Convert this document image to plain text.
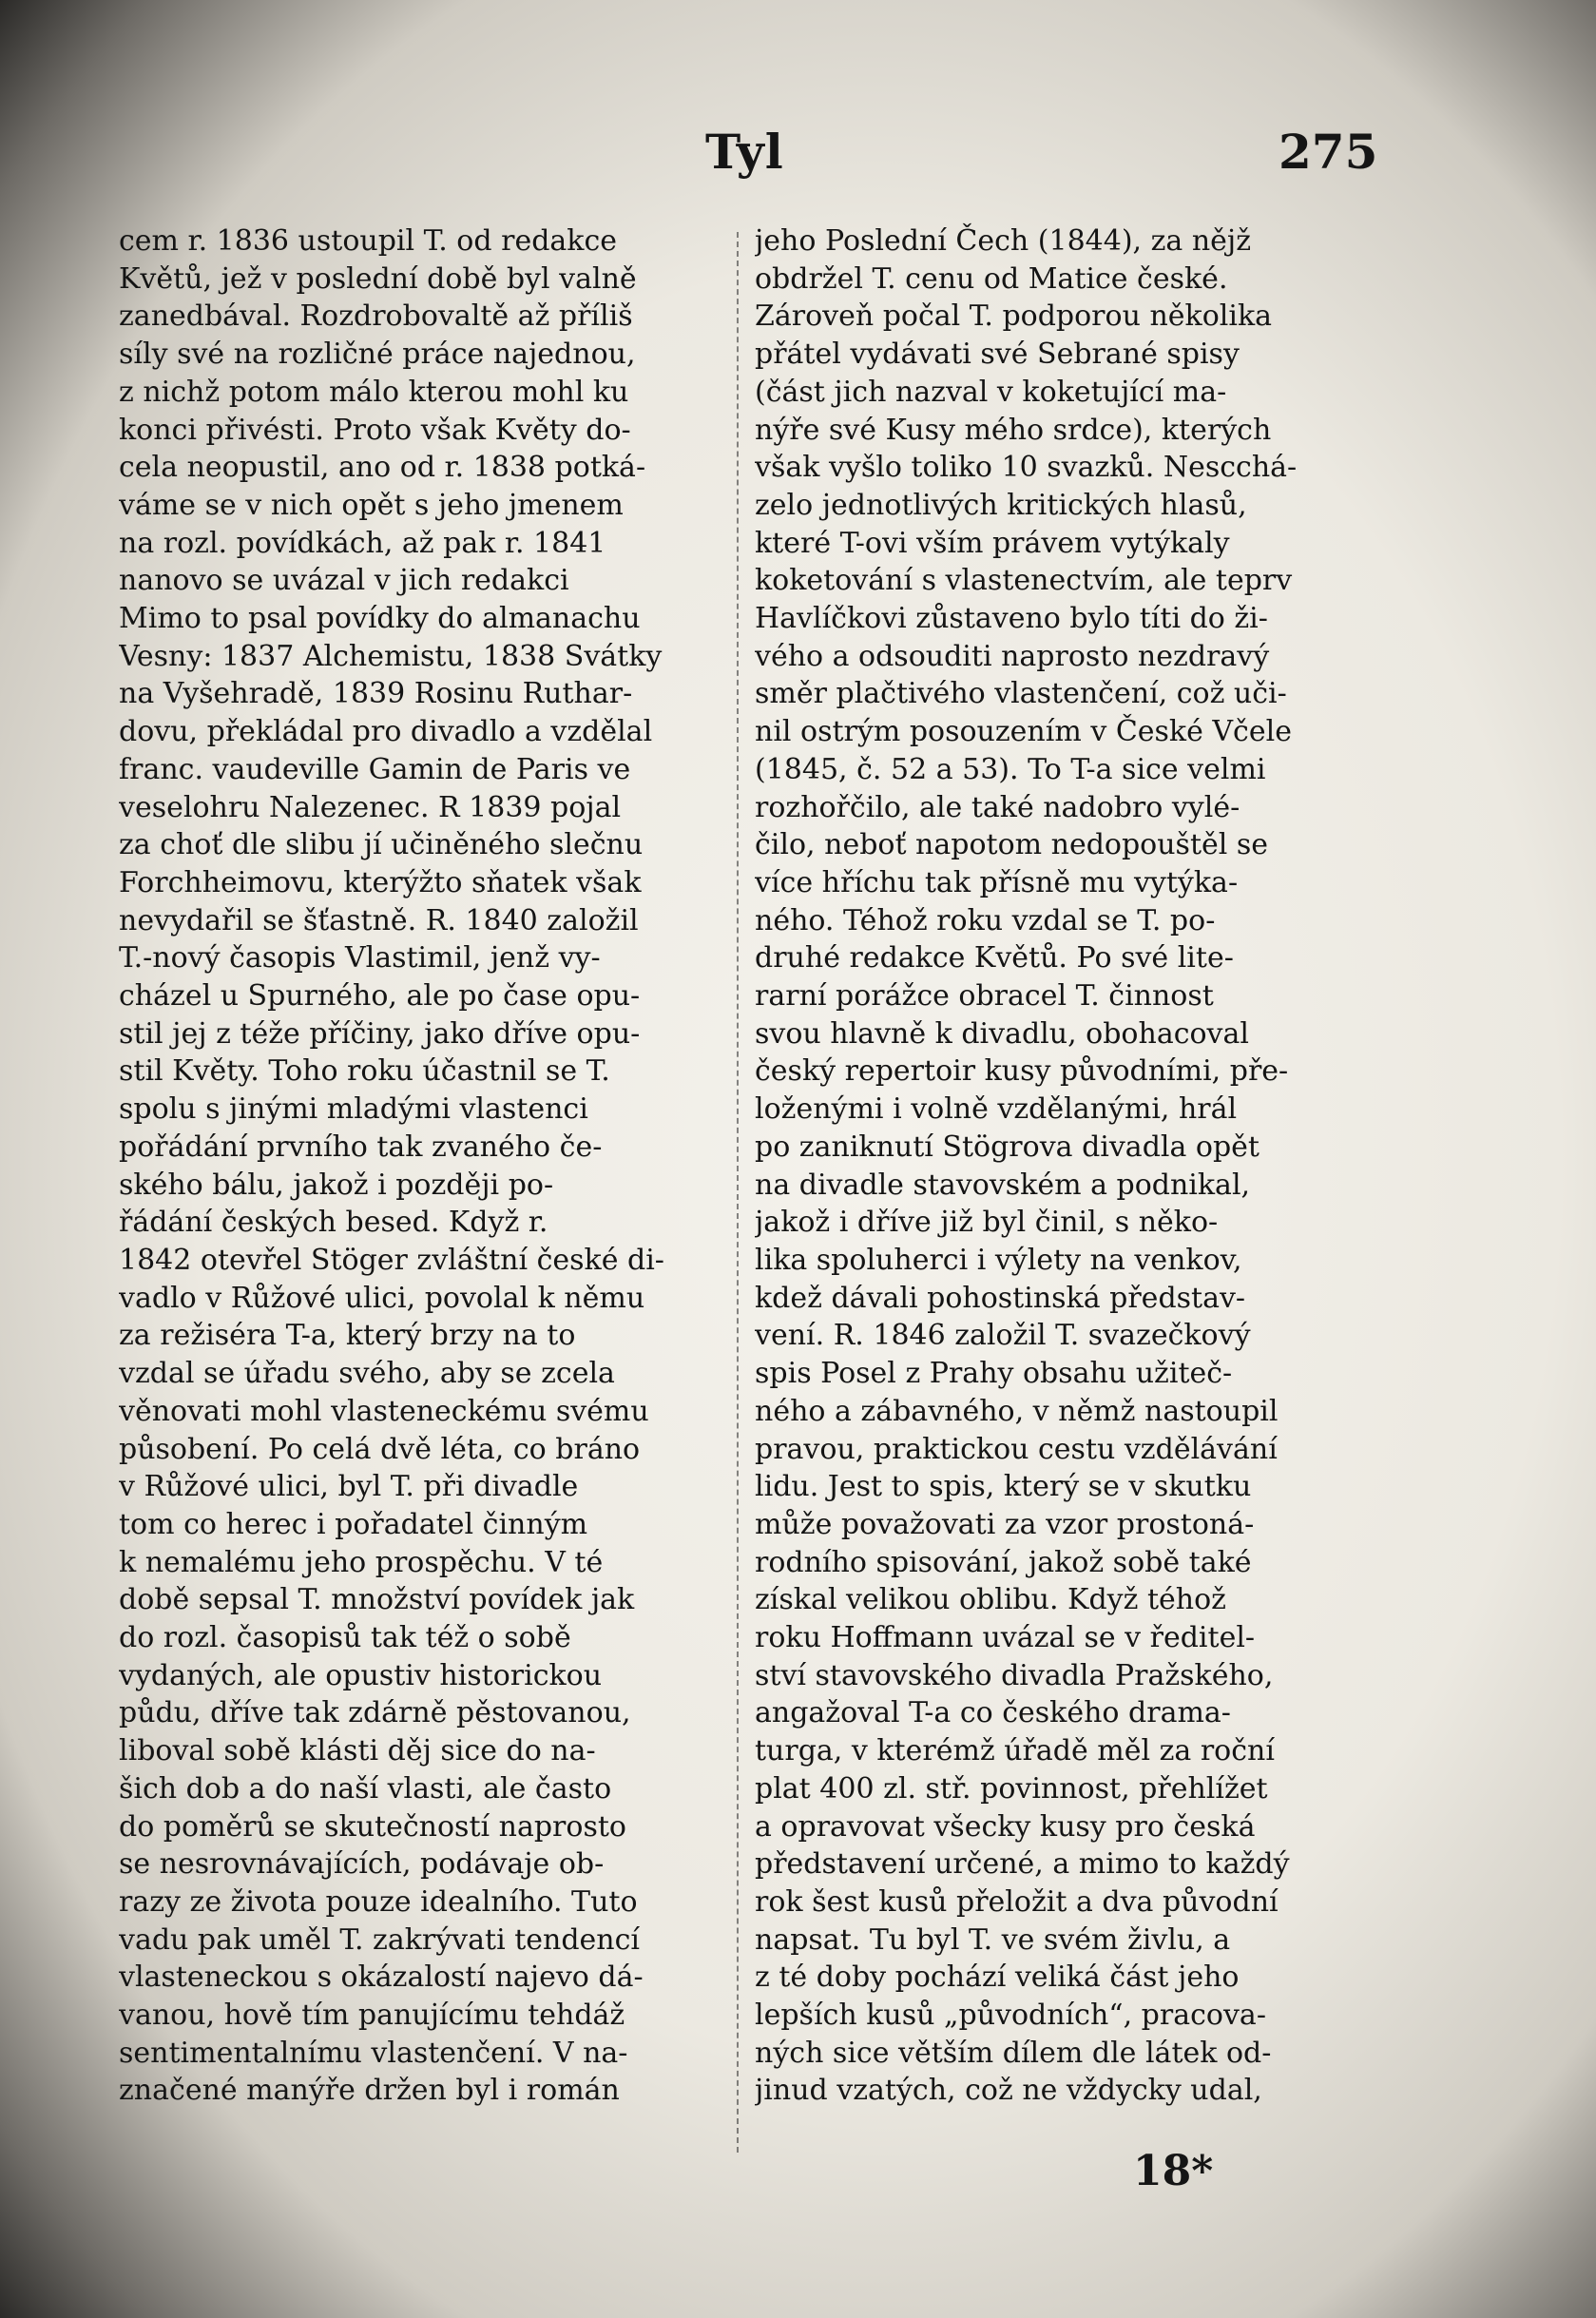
Tyl	275
cem r. 1836 ustoupil T. od redakce
Květů, jež v poslední době byl valně
zanedbával. Rozdrobovaltě až příliš
síly své na rozličné práce najednou,
z nichž potom málo kterou mohl ku
konci přivésti. Proto však Květy do-
cela neopustil, ano od r. 1838 potká-
váme se v nich opět s jeho jmenem
na rozl. povídkách, až pak r. 1841
nanovo se uvázal v jich redakci
Mimo to psal povídky do almanachu
Vesny: 1837 Alchemistu, 1838 Svátky
na Vyšehradě, 1839 Rosinu Ruthar-
dovu, překládal pro divadlo a vzdělal
franc. vaudeville Gamin de Paris ve
veselohru Nalezenec. R 1839 pojal
za choť dle slibu jí učiněného slečnu
Forchheimovu, kterýžto sňatek však
nevydařil se šťastně. R. 1840 založil
T.-nový časopis Vlastimil, jenž vy-
cházel u Spurného, ale po čase opu-
stil jej z téže příčiny, jako dříve opu-
stil Květy. Toho roku účastnil se T.
spolu s jinými mladými vlastenci
pořádání prvního tak zvaného če-
ského bálu, jakož i později po-
řádání českých besed. Když r.
1842 otevřel Stöger zvláštní české di-
vadlo v Růžové ulici, povolal k němu
za režiséra T-a, který brzy na to
vzdal se úřadu svého, aby se zcela
věnovati mohl vlasteneckému svému
působení. Po celá dvě léta, co bráno
v Růžové ulici, byl T. při divadle
tom co herec i pořadatel činným
k nemalému jeho prospěchu. V té
době sepsal T. množství povídek jak
do rozl. časopisů tak též o sobě
vydaných, ale opustiv historickou
půdu, dříve tak zdárně pěstovanou,
liboval sobě klásti děj sice do na-
šich dob a do naší vlasti, ale často
do poměrů se skutečností naprosto
se nesrovnávajících, podávaje ob-
razy ze života pouze idealního. Tuto
vadu pak uměl T. zakrývati tendencí
vlasteneckou s okázalostí najevo dá-
vanou, hově tím panujícímu tehdáž
sentimentalnímu vlastenčení. V na-
značené manýře držen byl i román
jeho Poslední Čech (1844), za nějž
obdržel T. cenu od Matice české.
Zároveň počal T. podporou několika
přátel vydávati své Sebrané spisy
(část jich nazval v koketující ma-
nýře své Kusy mého srdce), kterých
však vyšlo toliko 10 svazků. Nescchá-
zelo jednotlivých kritických hlasů,
které T-ovi vším právem vytýkaly
koketování s vlastenectvím, ale teprv
Havlíčkovi zůstaveno bylo títi do ži-
vého a odsouditi naprosto nezdravý
směr plačtivého vlastenčení, což uči-
nil ostrým posouzením v České Včele
(1845, č. 52 a 53). To T-a sice velmi
rozhořčilo, ale také nadobro vylé-
čilo, neboť napotom nedopouštěl se
více hříchu tak přísně mu vytýka-
ného. Téhož roku vzdal se T. po-
druhé redakce Květů. Po své lite-
rarní porážce obracel T. činnost
svou hlavně k divadlu, obohacoval
český repertoir kusy původními, pře-
loženými i volně vzdělanými, hrál
po zaniknutí Stögrova divadla opět
na divadle stavovském a podnikal,
jakož i dříve již byl činil, s něko-
lika spoluherci i výlety na venkov,
kdež dávali pohostinská představ-
vení. R. 1846 založil T. svazečkový
spis Posel z Prahy obsahu užiteč-
ného a zábavného, v němž nastoupil
pravou, praktickou cestu vzdělávání
lidu. Jest to spis, který se v skutku
může považovati za vzor prostoná-
rodního spisování, jakož sobě také
získal velikou oblibu. Když téhož
roku Hoffmann uvázal se v ředitel-
ství stavovského divadla Pražského,
angažoval T-a co českého drama-
turga, v kterémž úřadě měl za roční
plat 400 zl. stř. povinnost, přehlížet
a opravovat všecky kusy pro česká
představení určené, a mimo to každý
rok šest kusů přeložit a dva původní
napsat. Tu byl T. ve svém živlu, a
z té doby pochází veliká část jeho
lepších kusů „původních“, pracova-
ných sice větším dílem dle látek od-
jinud vzatých, což ne vždycky udal,
18*
